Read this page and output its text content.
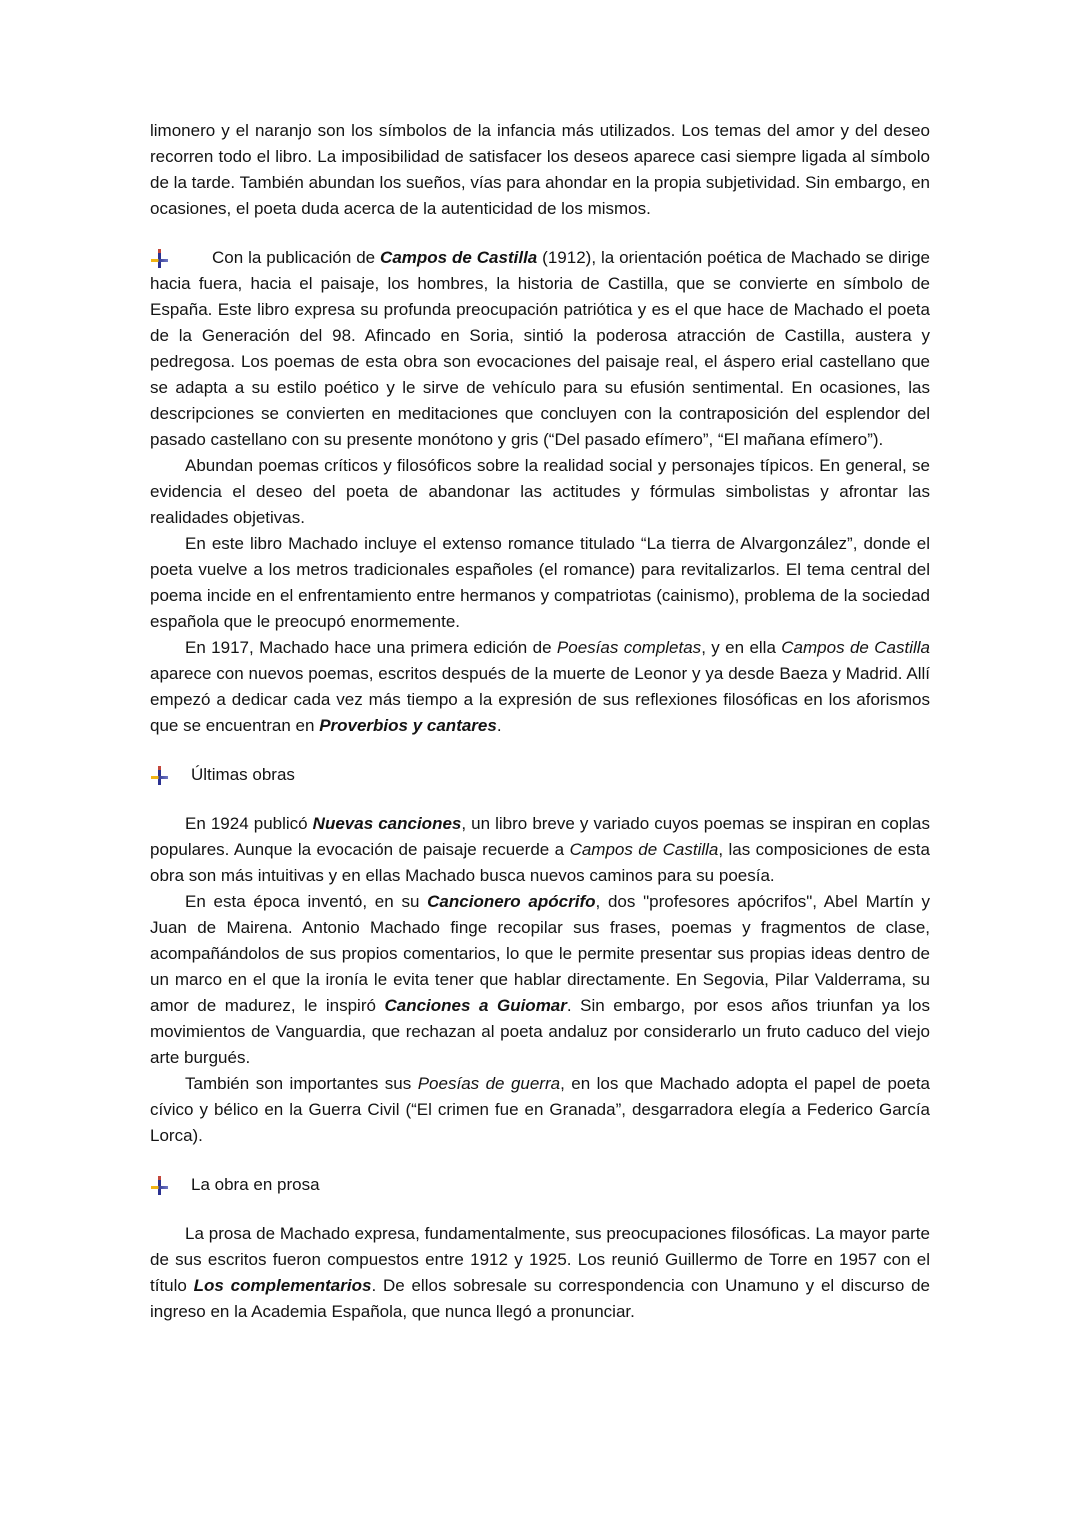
limonero y el naranjo son los símbolos de la infancia más utilizados. Los temas del amor y del deseo recorren todo el libro. La imposibilidad de satisfacer los deseos aparece casi siempre ligada al símbolo de la tarde. También abundan los sueños, vías para ahondar en la propia subjetividad. Sin embargo, en ocasiones, el poeta duda acerca de la autenticidad de los mismos.

Con la publicación de Campos de Castilla (1912), la orientación poética de Machado se dirige hacia fuera, hacia el paisaje, los hombres, la historia de Castilla, que se convierte en símbolo de España. Este libro expresa su profunda preocupación patriótica y es el que hace de Machado el poeta de la Generación del 98. Afincado en Soria, sintió la poderosa atracción de Castilla, austera y pedregosa. Los poemas de esta obra son evocaciones del paisaje real, el áspero erial castellano que se adapta a su estilo poético y le sirve de vehículo para su efusión sentimental. En ocasiones, las descripciones se convierten en meditaciones que concluyen con la contraposición del esplendor del pasado castellano con su presente monótono y gris (“Del pasado efímero”, “El mañana efímero”).

Abundan poemas críticos y filosóficos sobre la realidad social y personajes típicos. En general, se evidencia el deseo del poeta de abandonar las actitudes y fórmulas simbolistas y afrontar las realidades objetivas.

En este libro Machado incluye el extenso romance titulado “La tierra de Alvargonzález”, donde el poeta vuelve a los metros tradicionales españoles (el romance) para revitalizarlos. El tema central del poema incide en el enfrentamiento entre hermanos y compatriotas (cainismo), problema de la sociedad española que le preocupó enormemente.

En 1917, Machado hace una primera edición de Poesías completas, y en ella Campos de Castilla aparece con nuevos poemas, escritos después de la muerte de Leonor y ya desde Baeza y Madrid. Allí empezó a dedicar cada vez más tiempo a la expresión de sus reflexiones filosóficas en los aforismos que se encuentran en Proverbios y cantares.

Últimas obras

En 1924 publicó Nuevas canciones, un libro breve y variado cuyos poemas se inspiran en coplas populares. Aunque la evocación de paisaje recuerde a Campos de Castilla, las composiciones de esta obra son más intuitivas y en ellas Machado busca nuevos caminos para su poesía.

En esta época inventó, en su Cancionero apócrifo, dos "profesores apócrifos", Abel Martín y Juan de Mairena. Antonio Machado finge recopilar sus frases, poemas y fragmentos de clase, acompañándolos de sus propios comentarios, lo que le permite presentar sus propias ideas dentro de un marco en el que la ironía le evita tener que hablar directamente. En Segovia, Pilar Valderrama, su amor de madurez, le inspiró Canciones a Guiomar. Sin embargo, por esos años triunfan ya los movimientos de Vanguardia, que rechazan al poeta andaluz por considerarlo un fruto caduco del viejo arte burgués.

También son importantes sus Poesías de guerra, en los que Machado adopta el papel de poeta cívico y bélico en la Guerra Civil (“El crimen fue en Granada”, desgarradora elegía a Federico García Lorca).

La obra en prosa

La prosa de Machado expresa, fundamentalmente, sus preocupaciones filosóficas. La mayor parte de sus escritos fueron compuestos entre 1912 y 1925. Los reunió Guillermo de Torre en 1957 con el título Los complementarios. De ellos sobresale su correspondencia con Unamuno y el discurso de ingreso en la Academia Española, que nunca llegó a pronunciar.
